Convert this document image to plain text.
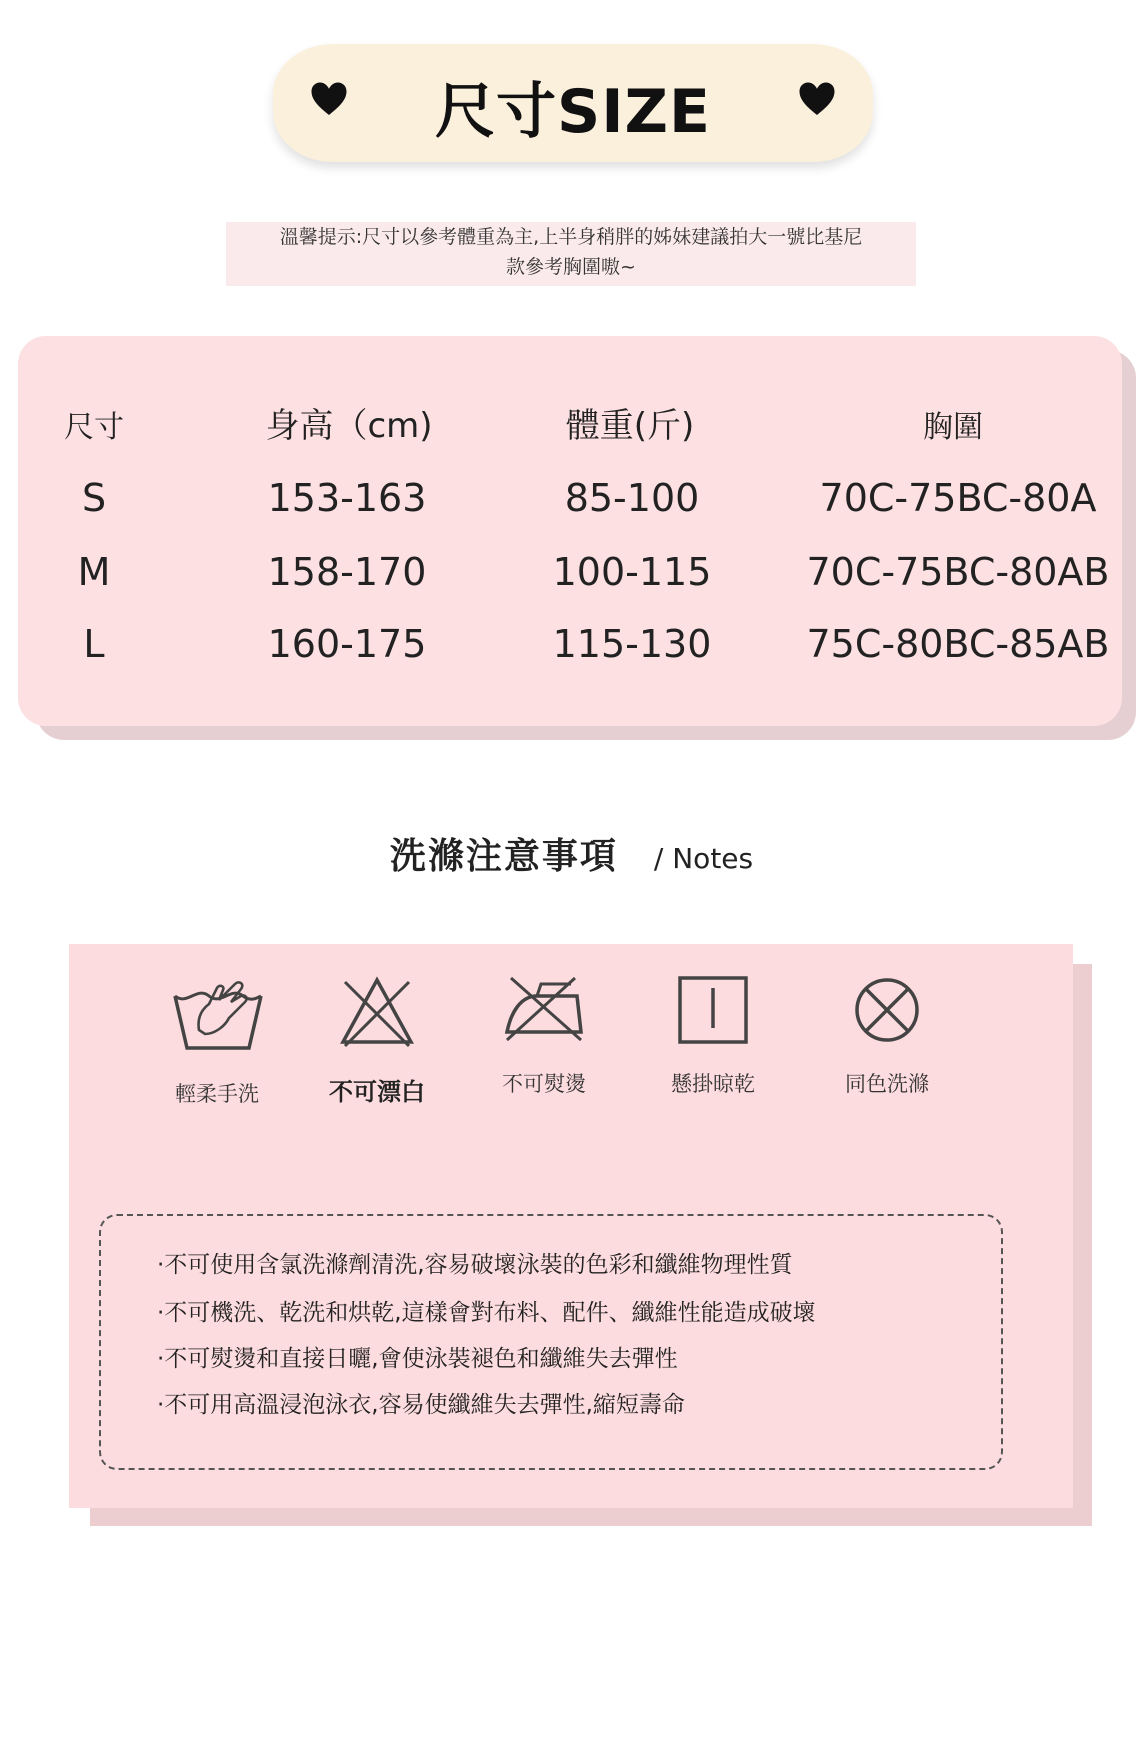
尺寸SIZE
溫馨提示:尺寸以參考體重為主,上半身稍胖的姊妹建議拍大一號比基尼
款參考胸圍嗷~
尺寸	身高（cm)	體重(斤)	胸圍
S	153-163	85-100	70C-75BC-80A
M	158-170	100-115	70C-75BC-80AB
L	160-175	115-130	75C-80BC-85AB
洗滌注意事項 / Notes
輕柔手洗	不可漂白	不可熨燙	懸掛晾乾	同色洗滌
·不可使用含氯洗滌劑清洗,容易破壞泳裝的色彩和纖維物理性質
·不可機洗、乾洗和烘乾,這樣會對布料、配件、纖維性能造成破壞
·不可熨燙和直接日曬,會使泳裝褪色和纖維失去彈性
·不可用高溫浸泡泳衣,容易使纖維失去彈性,縮短壽命
